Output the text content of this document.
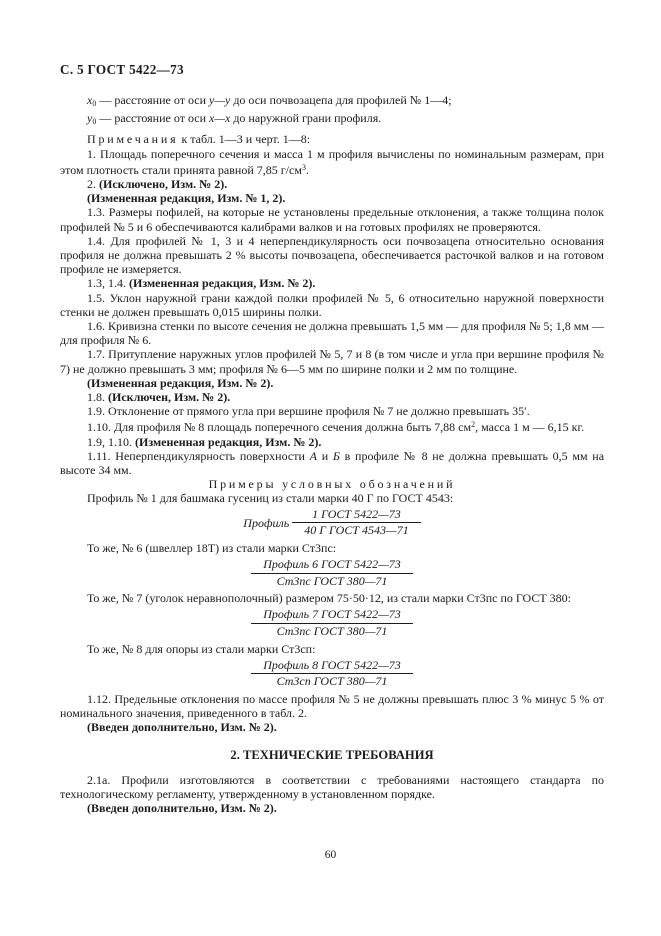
С. 5 ГОСТ 5422—73

x0 — расстояние от оси y—y до оси почвозацепа для профилей № 1—4;

y0 — расстояние от оси x—x до наружной грани профиля.

Примечания к табл. 1—3 и черт. 1—8:

1. Площадь поперечного сечения и масса 1 м профиля вычислены по номинальным размерам, при этом плотность стали принята равной 7,85 $г/см^3$.

2. (Исключено, Изм. № 2).

(Измененная редакция, Изм. № 1, 2).

1.3. Размеры пофилей, на которые не установлены предельные отклонения, а также толщина полок профилей № 5 и 6 обеспечиваются калибрами валков и на готовых профилях не проверяются.

1.4. Для профилей № 1, 3 и 4 неперпендикулярность оси почвозацепа относительно основания профиля не должна превышать 2 % высоты почвозацепа, обеспечивается расточкой валков и на готовом профиле не измеряется.

1.3, 1.4. (Измененная редакция, Изм. № 2).

1.5. Уклон наружной грани каждой полки профилей № 5, 6 относительно наружной поверхности стенки не должен превышать 0,015 ширины полки.

1.6. Кривизна стенки по высоте сечения не должна превышать 1,5 мм — для профиля № 5; 1,8 мм — для профиля № 6.

1.7. Притупление наружных углов профилей № 5, 7 и 8 (в том числе и угла при вершине профиля № 7) не должно превышать 3 мм; профиля № 6—5 мм по ширине полки и 2 мм по толщине.

(Измененная редакция, Изм. № 2).

1.8. (Исключен, Изм. № 2).

1.9. Отклонение от прямого угла при вершине профиля № 7 не должно превышать 35′.

1.10. Для профиля № 8 площадь поперечного сечения должна быть 7,88 $см^2$, масса 1 м — 6,15 кг.

1.9, 1.10. (Измененная редакция, Изм. № 2).

1.11. Неперпендикулярность поверхности А и Б в профиле № 8 не должна превышать 0,5 мм на высоте 34 мм.

Примеры условных обозначений

Профиль № 1 для башмака гусениц из стали марки 40 Г по ГОСТ 4543:

Профиль $\frac{\text{1 ГОСТ 5422—73}}{\text{40 Г ГОСТ 4543—71}}$

То же, № 6 (швеллер 18Т) из стали марки Ст3пс:

$\frac{\text{Профиль 6 ГОСТ 5422—73}}{\text{Ст3пс ГОСТ 380—71}}$

То же, № 7 (уголок неравнополочный) размером 75·50·12, из стали марки Ст3пс по ГОСТ 380:

$\frac{\text{Профиль 7 ГОСТ 5422—73}}{\text{Ст3пс ГОСТ 380—71}}$

То же, № 8 для опоры из стали марки Ст3сп:

$\frac{\text{Профиль 8 ГОСТ 5422—73}}{\text{Ст3сп ГОСТ 380—71}}$

1.12. Предельные отклонения по массе профиля № 5 не должны превышать плюс 3 % минус 5 % от номинального значения, приведенного в табл. 2.

(Введен дополнительно, Изм. № 2).

2. ТЕХНИЧЕСКИЕ ТРЕБОВАНИЯ

2.1а. Профили изготовляются в соответствии с требованиями настоящего стандарта по технологическому регламенту, утвержденному в установленном порядке.

(Введен дополнительно, Изм. № 2).

60
